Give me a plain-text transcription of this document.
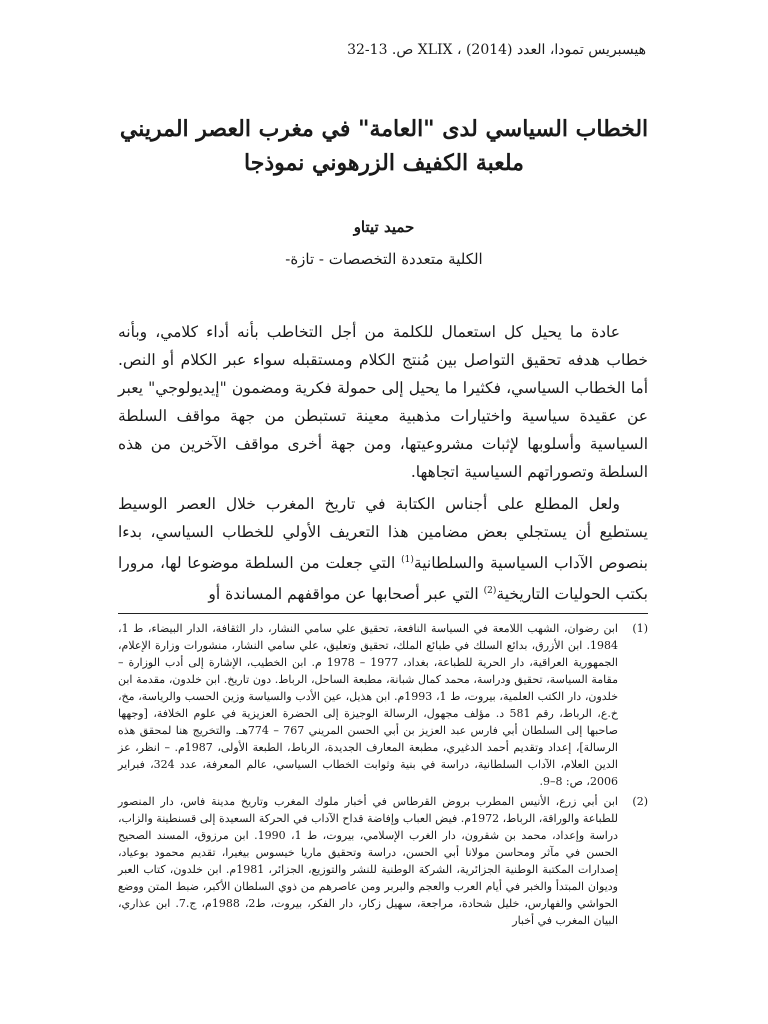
هيسبريس تمودا، العدد XLIX ، (2014) ص. 13-32
الخطاب السياسي لدى "العامة" في مغرب العصر المريني
ملعبة الكفيف الزرهوني نموذجا
حميد تيتاو
الكلية متعددة التخصصات - تازة-

عادة ما يحيل كل استعمال للكلمة من أجل التخاطب بأنه أداء كلامي، وبأنه خطاب هدفه تحقيق التواصل بين مُنتج الكلام ومستقبله سواء عبر الكلام أو النص. أما الخطاب السياسي، فكثيرا ما يحيل إلى حمولة فكرية ومضمون "إيديولوجي" يعبر عن عقيدة سياسية واختيارات مذهبية معينة تستبطن من جهة مواقف السلطة السياسية وأسلوبها لإثبات مشروعيتها، ومن جهة أخرى مواقف الآخرين من هذه السلطة وتصوراتهم السياسية اتجاهها.

ولعل المطلع على أجناس الكتابة في تاريخ المغرب خلال العصر الوسيط يستطيع أن يستجلي بعض مضامين هذا التعريف الأولي للخطاب السياسي، بدءا بنصوص الآداب السياسية والسلطانية$^{(1)}$ التي جعلت من السلطة موضوعا لها، مرورا بكتب الحوليات التاريخية$^{(2)}$ التي عبر أصحابها عن مواقفهم المساندة أو

(1)
ابن رضوان، الشهب اللامعة في السياسة النافعة، تحقيق علي سامي النشار، دار الثقافة، الدار البيضاء، ط 1، 1984. ابن الأزرق، بدائع السلك في طبائع الملك، تحقيق وتعليق، علي سامي النشار، منشورات وزارة الإعلام، الجمهورية العراقية، دار الحرية للطباعة، بغداد، 1977 – 1978 م. ابن الخطيب، الإشارة إلى أدب الوزارة – مقامة السياسة، تحقيق ودراسة، محمد كمال شبانة، مطبعة الساحل، الرباط. دون تاريخ. ابن خلدون، مقدمة ابن خلدون، دار الكتب العلمية، بيروت، ط 1، 1993م. ابن هذيل، عين الأدب والسياسة وزين الحسب والرياسة، مخ، خ.ع، الرباط، رقم 581 د. مؤلف مجهول، الرسالة الوجيزة إلى الحضرة العزيزية في علوم الخلافة، [وجهها صاحبها إلى السلطان أبي فارس عبد العزيز بن أبي الحسن المريني 767 – 774هـ. والتخريج هنا لمحقق هذه الرسالة]، إعداد وتقديم أحمد الدغيري، مطبعة المعارف الجديدة، الرباط، الطبعة الأولى، 1987م. – انظر، عز الدين العلام، الآداب السلطانية، دراسة في بنية وثوابت الخطاب السياسي، عالم المعرفة، عدد 324، فبراير 2006، ص: 8–9.
(2)
ابن أبي زرع، الأنيس المطرب بروض القرطاس في أخبار ملوك المغرب وتاريخ مدينة فاس، دار المنصور للطباعة والوراقة، الرباط، 1972م. فيض العباب وإفاضة قداح الآداب في الحركة السعيدة إلى قسنطينة والزاب، دراسة وإعداد، محمد بن شقرون، دار الغرب الإسلامي، بيروت، ط 1، 1990. ابن مرزوق، المسند الصحيح الحسن في مآثر ومحاسن مولانا أبي الحسن، دراسة وتحقيق ماريا خيسوس بيغيرا، تقديم محمود بوعياد، إصدارات المكتبة الوطنية الجزائرية، الشركة الوطنية للنشر والتوزيع، الجزائر، 1981م. ابن خلدون، كتاب العبر وديوان المبتدأ والخبر في أيام العرب والعجم والبربر ومن عاصرهم من ذوي السلطان الأكبر، ضبط المتن ووضع الحواشي والفهارس، خليل شحادة، مراجعة، سهيل زكار، دار الفكر، بيروت، ط2، 1988م، ج.7. ابن عذاري، البيان المغرب في أخبار
